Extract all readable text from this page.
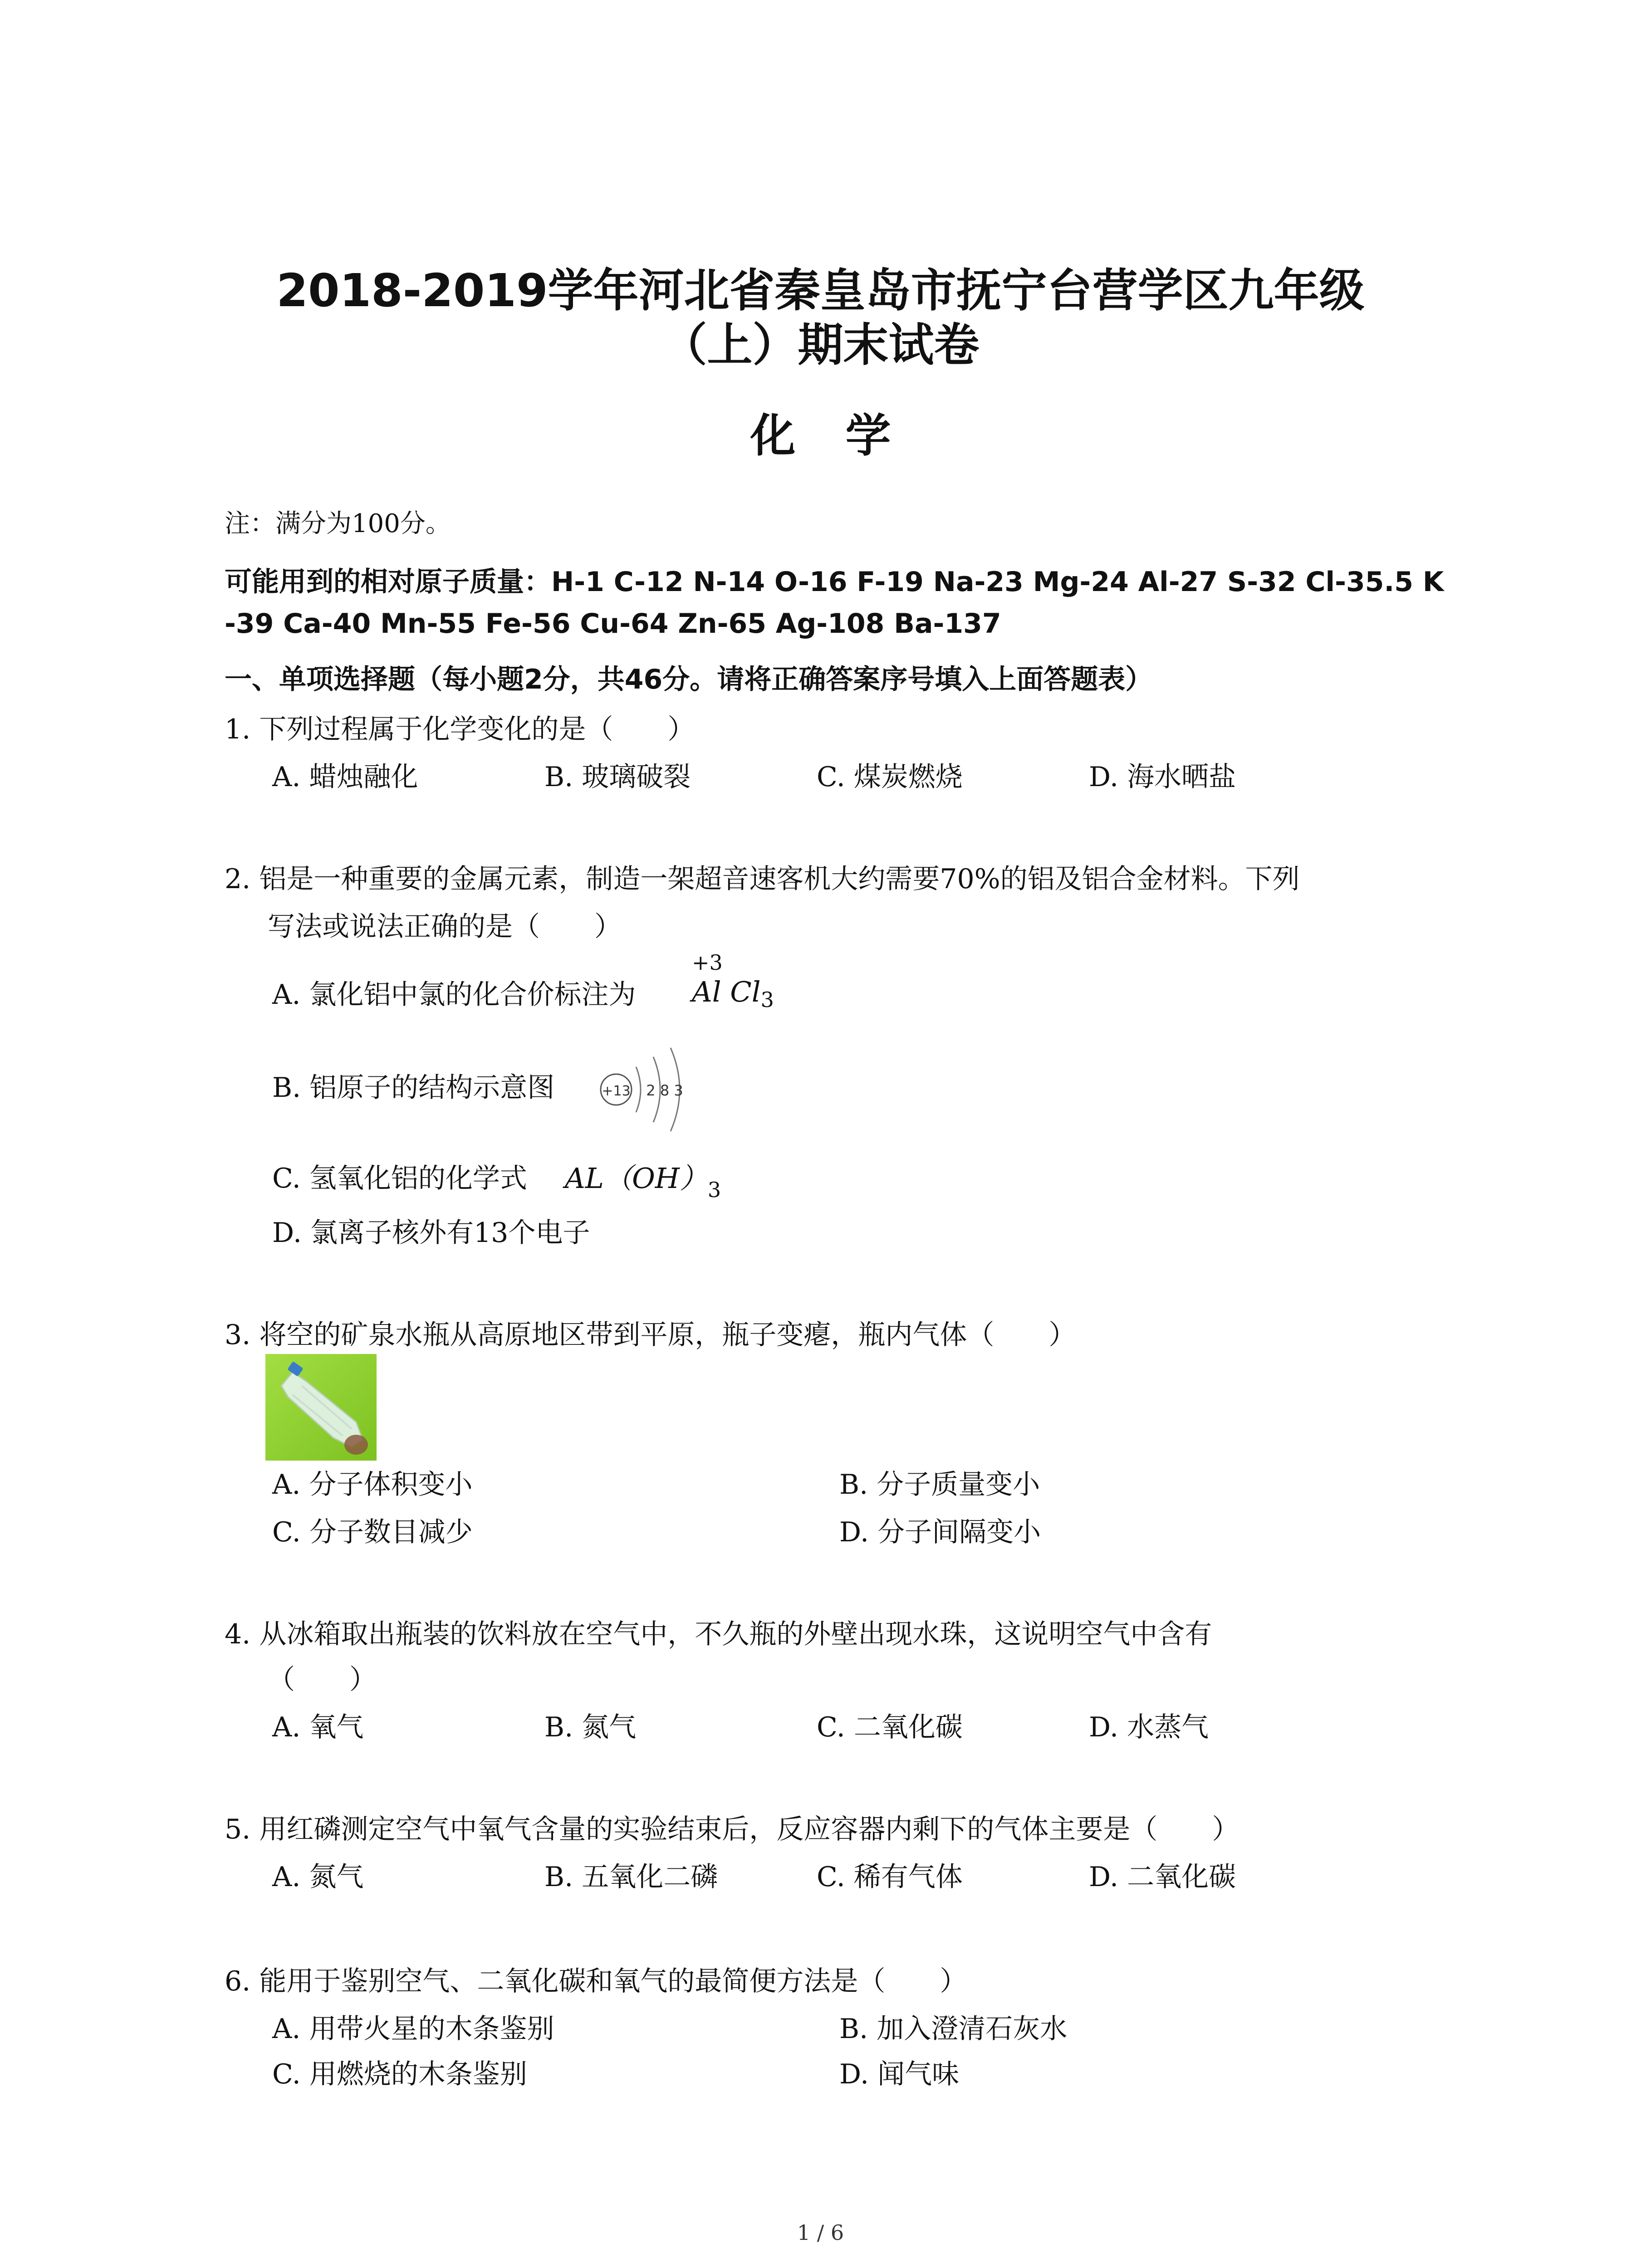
2018-2019学年河北省秦皇岛市抚宁台营学区九年级
（上）期末试卷
化学
注：满分为100分。
可能用到的相对原子质量：H-1 C-12 N-14 O-16 F-19 Na-23 Mg-24 Al-27 S-32 Cl-35.5 K
-39 Ca-40 Mn-55 Fe-56 Cu-64 Zn-65 Ag-108 Ba-137
一、单项选择题（每小题2分，共46分。请将正确答案序号填入上面答题表）
1. 下列过程属于化学变化的是（　　）
A. 蜡烛融化	B. 玻璃破裂	C. 煤炭燃烧	D. 海水晒盐
2. 铝是一种重要的金属元素，制造一架超音速客机大约需要70%的铝及铝合金材料。下列
写法或说法正确的是（　　）
A. 氯化铝中氯的化合价标注为
+3
Al Cl3
B. 铝原子的结构示意图	+13 2 8 3
C. 氢氧化铝的化学式 $AL(OH)_3$
D. 氯离子核外有13个电子
3. 将空的矿泉水瓶从高原地区带到平原，瓶子变瘪，瓶内气体（　　）
A. 分子体积变小	B. 分子质量变小
C. 分子数目减少	D. 分子间隔变小
4. 从冰箱取出瓶装的饮料放在空气中，不久瓶的外壁出现水珠，这说明空气中含有
（　　）
A. 氧气	B. 氮气	C. 二氧化碳	D. 水蒸气
5. 用红磷测定空气中氧气含量的实验结束后，反应容器内剩下的气体主要是（　　）
A. 氮气	B. 五氧化二磷	C. 稀有气体	D. 二氧化碳
6. 能用于鉴别空气、二氧化碳和氧气的最简便方法是（　　）
A. 用带火星的木条鉴别	B. 加入澄清石灰水
C. 用燃烧的木条鉴别	D. 闻气味
1 / 6
